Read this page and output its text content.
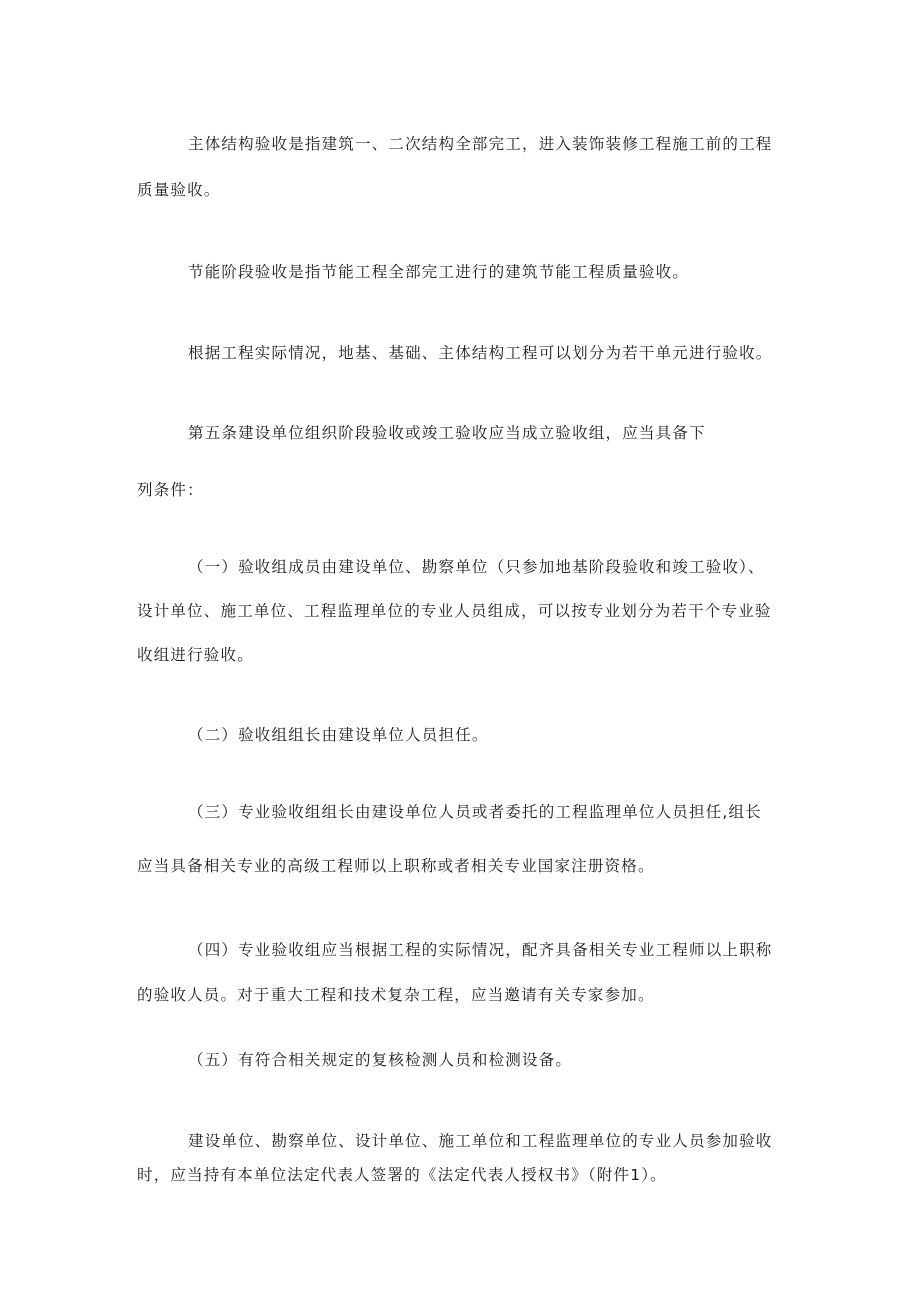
主体结构验收是指建筑一、二次结构全部完工，进入装饰装修工程施工前的工程
质量验收。
节能阶段验收是指节能工程全部完工进行的建筑节能工程质量验收。
根据工程实际情况，地基、基础、主体结构工程可以划分为若干单元进行验收。
第五条建设单位组织阶段验收或竣工验收应当成立验收组，应当具备下
列条件：
（一）验收组成员由建设单位、勘察单位（只参加地基阶段验收和竣工验收）、
设计单位、施工单位、工程监理单位的专业人员组成，可以按专业划分为若干个专业验
收组进行验收。
（二）验收组组长由建设单位人员担任。
（三）专业验收组组长由建设单位人员或者委托的工程监理单位人员担任,组长
应当具备相关专业的高级工程师以上职称或者相关专业国家注册资格。
（四）专业验收组应当根据工程的实际情况，配齐具备相关专业工程师以上职称
的验收人员。对于重大工程和技术复杂工程，应当邀请有关专家参加。
（五）有符合相关规定的复核检测人员和检测设备。
建设单位、勘察单位、设计单位、施工单位和工程监理单位的专业人员参加验收
时，应当持有本单位法定代表人签署的《法定代表人授权书》（附件1）。
